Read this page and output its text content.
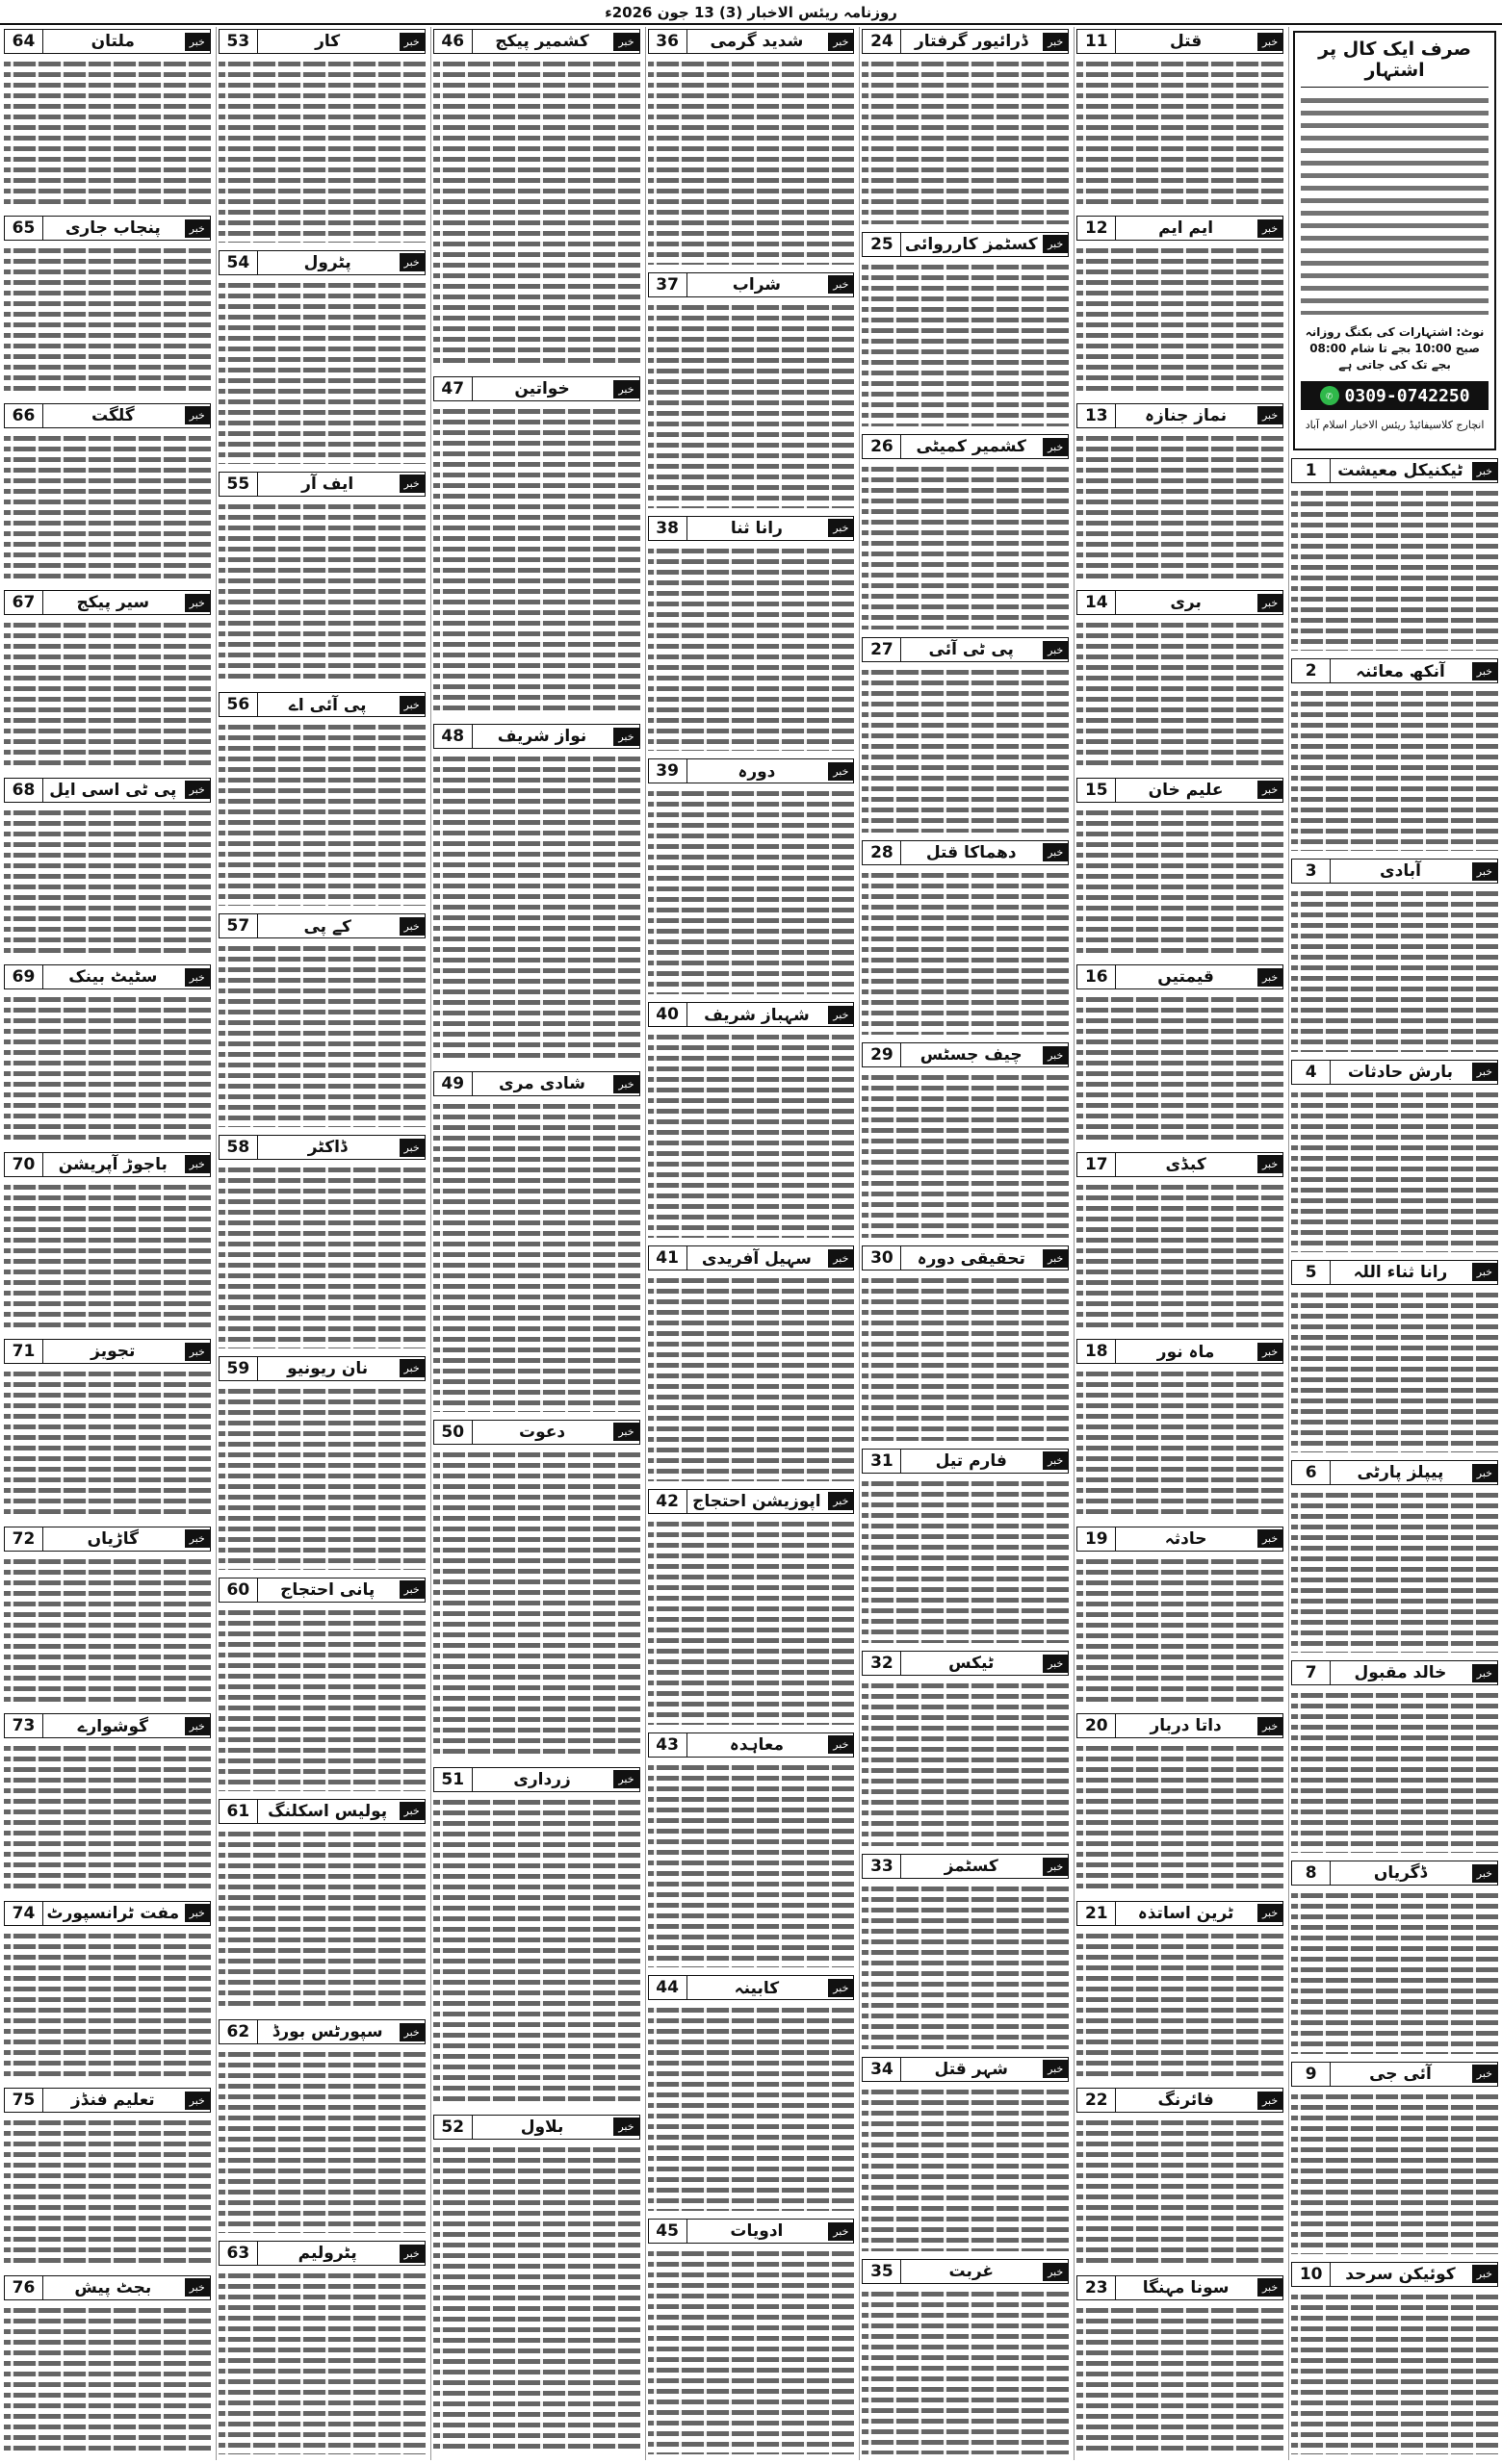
روزنامہ ریئس الاخبار (3) 13 جون 2026ء
صرف ایک کال پر اشتہار
نوٹ: اشتہارات کی بکنگ روزانہ صبح 10:00 بجے تا شام 08:00 بجے تک کی جاتی ہے
✆ 0309-0742250
انچارج کلاسیفائیڈ ریئس الاخبار اسلام آباد
خبر
ٹیکنیکل معیشت
1
خبر
آنکھ معائنہ
2
خبر
آبادی
3
خبر
بارش حادثات
4
خبر
رانا ثناء اللہ
5
خبر
پیپلز پارٹی
6
خبر
خالد مقبول
7
خبر
ڈگریاں
8
خبر
آئی جی
9
خبر
کوئیکن سرحد
10
خبر
قتل
11
خبر
ایم ایم
12
خبر
نماز جنازہ
13
خبر
بری
14
خبر
علیم خان
15
خبر
قیمتیں
16
خبر
کبڈی
17
خبر
ماہ نور
18
خبر
حادثہ
19
خبر
داتا دربار
20
خبر
ٹرین اساتذہ
21
خبر
فائرنگ
22
خبر
سونا مہنگا
23
خبر
ڈرائیور گرفتار
24
خبر
کسٹمز کارروائی
25
خبر
کشمیر کمیٹی
26
خبر
پی ٹی آئی
27
خبر
دھماکا قتل
28
خبر
چیف جسٹس
29
خبر
تحقیقی دورہ
30
خبر
فارم تیل
31
خبر
ٹیکس
32
خبر
کسٹمز
33
خبر
شہر قتل
34
خبر
غربت
35
خبر
شدید گرمی
36
خبر
شراب
37
خبر
رانا ثنا
38
خبر
دورہ
39
خبر
شہباز شریف
40
خبر
سہیل آفریدی
41
خبر
اپوزیشن احتجاج
42
خبر
معاہدہ
43
خبر
کابینہ
44
خبر
ادویات
45
خبر
کشمیر پیکج
46
خبر
خواتین
47
خبر
نواز شریف
48
خبر
شادی مری
49
خبر
دعوت
50
خبر
زرداری
51
خبر
بلاول
52
خبر
کار
53
خبر
پٹرول
54
خبر
ایف آر
55
خبر
پی آئی اے
56
خبر
کے پی
57
خبر
ڈاکٹر
58
خبر
نان ریونیو
59
خبر
پانی احتجاج
60
خبر
پولیس اسکلنگ
61
خبر
سپورٹس بورڈ
62
خبر
پٹرولیم
63
خبر
ملتان
64
خبر
پنجاب جاری
65
خبر
گلگت
66
خبر
سیر پیکج
67
خبر
پی ٹی اسی ایل
68
خبر
سٹیٹ بینک
69
خبر
باجوڑ آپریشن
70
خبر
تجویز
71
خبر
گاڑیاں
72
خبر
گوشوارے
73
خبر
مفت ٹرانسپورٹ
74
خبر
تعلیم فنڈز
75
خبر
بجٹ پیش
76
